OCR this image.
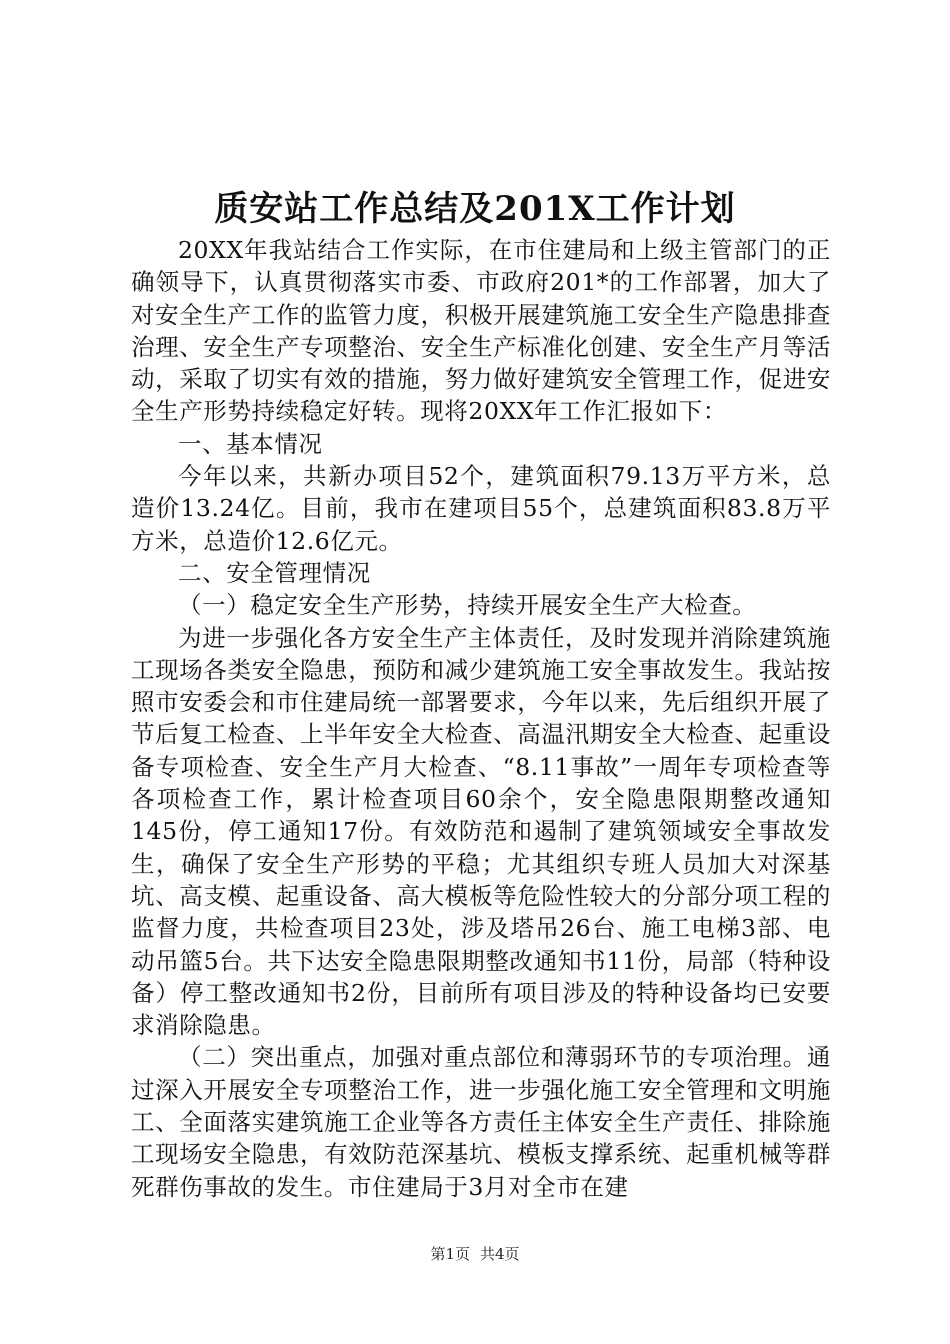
质安站工作总结及201X工作计划

20XX年我站结合工作实际，在市住建局和上级主管部门的正确领导下，认真贯彻落实市委、市政府201*的工作部署，加大了对安全生产工作的监管力度，积极开展建筑施工安全生产隐患排查治理、安全生产专项整治、安全生产标准化创建、安全生产月等活动，采取了切实有效的措施，努力做好建筑安全管理工作，促进安全生产形势持续稳定好转。现将20XX年工作汇报如下：

一、基本情况

今年以来，共新办项目52个，建筑面积79.13万平方米，总造价13.24亿。目前，我市在建项目55个，总建筑面积83.8万平方米，总造价12.6亿元。

二、安全管理情况

（一）稳定安全生产形势，持续开展安全生产大检查。

为进一步强化各方安全生产主体责任，及时发现并消除建筑施工现场各类安全隐患，预防和减少建筑施工安全事故发生。我站按照市安委会和市住建局统一部署要求，今年以来，先后组织开展了节后复工检查、上半年安全大检查、高温汛期安全大检查、起重设备专项检查、安全生产月大检查、“8.11事故”一周年专项检查等各项检查工作，累计检查项目60余个，安全隐患限期整改通知145份，停工通知17份。有效防范和遏制了建筑领域安全事故发生，确保了安全生产形势的平稳；尤其组织专班人员加大对深基坑、高支模、起重设备、高大模板等危险性较大的分部分项工程的监督力度，共检查项目23处，涉及塔吊26台、施工电梯3部、电动吊篮5台。共下达安全隐患限期整改通知书11份，局部（特种设备）停工整改通知书2份，目前所有项目涉及的特种设备均已安要求消除隐患。

（二）突出重点，加强对重点部位和薄弱环节的专项治理。通过深入开展安全专项整治工作，进一步强化施工安全管理和文明施工、全面落实建筑施工企业等各方责任主体安全生产责任、排除施工现场安全隐患，有效防范深基坑、模板支撑系统、起重机械等群死群伤事故的发生。市住建局于3月对全市在建

第1页 共4页
